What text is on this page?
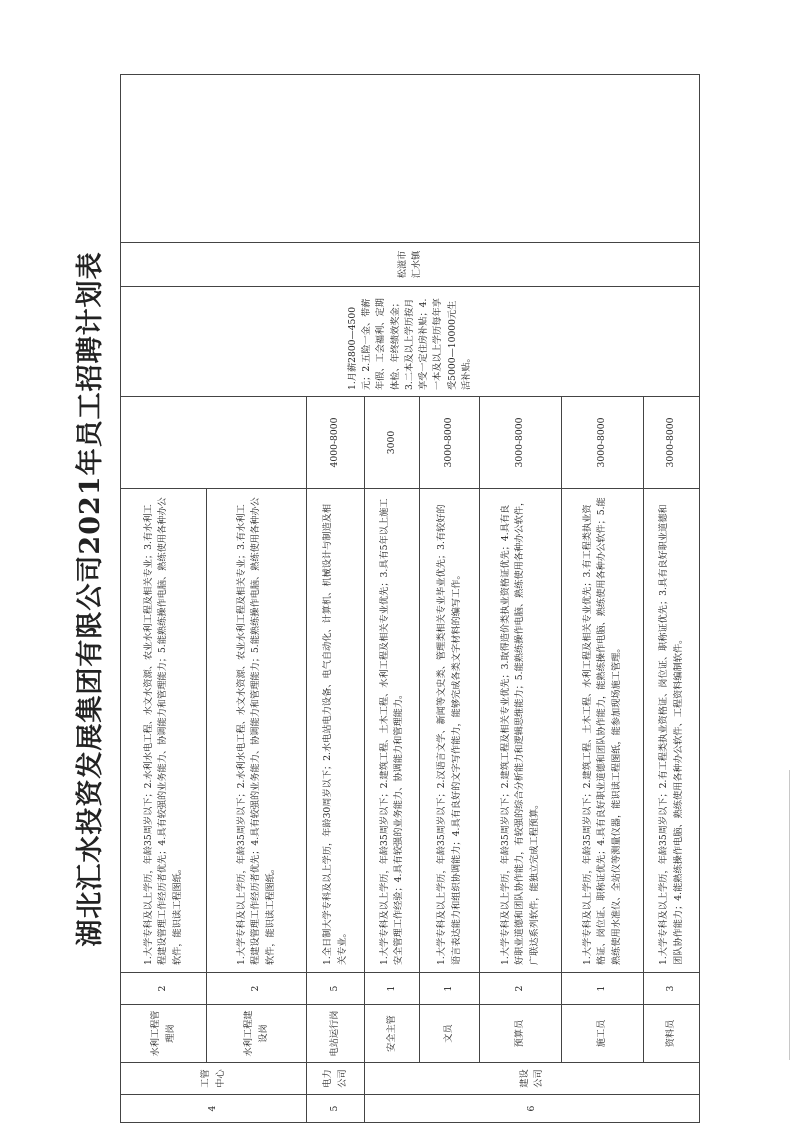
湖北汇水投资发展集团有限公司2021年员工招聘计划表
4	工管中心	水利工程管理岗	2	1.大学专科及以上学历，年龄35周岁以下；2.水利水电工程、水文水资源、农业水利工程及相关专业；3.有水利工程建设管理工作经历者优先；4.具有较强的业务能力、协调能力和管理能力；5.能熟练操作电脑、熟练使用各种办公软件，能识读工程图纸。		1.月薪2800—4500元；2.五险一金、带薪年假、工会福利、定期体检、年终绩效奖金；3.二本及以上学历按月享受一定住房补贴；4.一本及以上学历每年享受5000—10000元生活补贴。	松滋市汇水镇	
		水利工程建设岗	2	1.大学专科及以上学历，年龄35周岁以下；2.水利水电工程、水文水资源、农业水利工程及相关专业；3.有水利工程建设管理工作经历者优先；4.具有较强的业务能力、协调能力和管理能力；5.能熟练操作电脑、熟练使用各种办公软件，能识读工程图纸。				
5	电力公司	电站运行岗	5	1.全日制大学专科及以上学历，年龄30周岁以下；2.水电站电力设备、电气自动化、计算机、机械设计与制造及相关专业。	4000-8000			
6	建设公司	安全主管	1	1.大学专科及以上学历，年龄35周岁以下；2.建筑工程、土木工程、水利工程及相关专业优先；3.具有5年以上施工安全管理工作经验；4.具有较强的业务能力、协调能力和管理能力。	3000			
		文员	1	1.大学专科及以上学历，年龄35周岁以下；2.汉语言文学、新闻等文史类、管理类相关专业毕业优先；3.有较好的语言表达能力和组织协调能力；4.具有良好的文字写作能力，能够完成各类文字材料的编写工作。	3000-8000			
		预算员	2	1.大学专科及以上学历，年龄35周岁以下；2.建筑工程及相关专业优先；3.取得造价类执业资格证优先；4.具有良好职业道德和团队协作能力，有较强的综合分析能力和逻辑思维能力；5.能熟练操作电脑、熟练使用各种办公软件，广联达系列软件，能独立完成工程预算。	3000-8000			
		施工员	1	1.大学专科及以上学历，年龄35周岁以下；2.建筑工程、土木工程、水利工程及相关专业优先；3.有工程类执业资格证、岗位证、职称证优先；4.具有良好职业道德和团队协作能力，能熟练操作电脑、熟练使用各种办公软件；5.能熟练使用水准仪、全站仪等测量仪器，能识读工程图纸，能参加现场施工管理。	3000-8000			
		资料员	3	1.大学专科及以上学历，年龄35周岁以下；2.有工程类执业资格证、岗位证、职称证优先；3.具有良好职业道德和团队协作能力；4.能熟练操作电脑、熟练使用各种办公软件、工程资料编制软件。	3000-8000			
